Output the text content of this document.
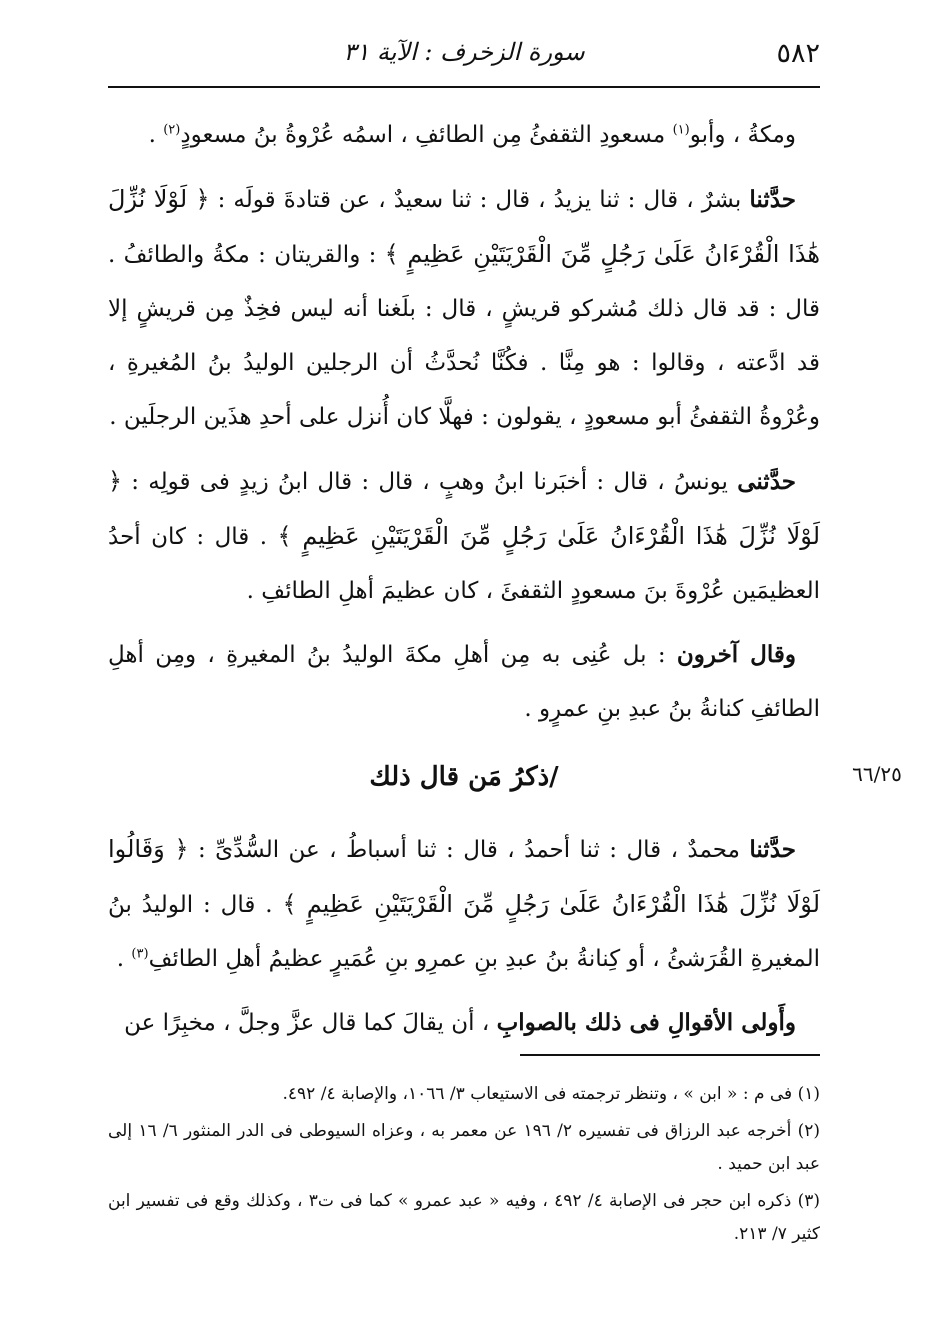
٥٨٢
سورة الزخرف : الآية ٣١

ومكةُ ، وأبو$^{(١)}$ مسعودِ الثقفئُ مِن الطائفِ ، اسمُه عُرْوةُ بنُ مسعودٍ$^{(٢)}$ .

حدَّثنا بشرٌ ، قال : ثنا يزيدُ ، قال : ثنا سعيدٌ ، عن قتادةَ قولَه : ﴿ لَوْلَا نُزِّلَ هَٰذَا الْقُرْءَانُ عَلَىٰ رَجُلٍ مِّنَ الْقَرْيَتَيْنِ عَظِيمٍ ﴾ : والقريتان : مكةُ والطائفُ . قال : قد قال ذلك مُشركو قريشٍ ، قال : بلَغنا أنه ليس فخِذٌ مِن قريشٍ إلا قد ادَّعته ، وقالوا : هو مِنَّا . فكُنَّا نُحدَّثُ أن الرجلين الوليدُ بنُ المُغيرةِ ، وعُرْوةُ الثقفئُ أبو مسعودٍ ، يقولون : فهلَّا كان أُنزل على أحدِ هذَين الرجلَين .

حدَّثنى يونسُ ، قال : أخبَرنا ابنُ وهبٍ ، قال : قال ابنُ زيدٍ فى قولِه : ﴿ لَوْلَا نُزِّلَ هَٰذَا الْقُرْءَانُ عَلَىٰ رَجُلٍ مِّنَ الْقَرْيَتَيْنِ عَظِيمٍ ﴾ . قال : كان أحدُ العظيمَين عُرْوةَ بنَ مسعودٍ الثقفئَ ، كان عظيمَ أهلِ الطائفِ .

وقال آخرون : بل عُنِى به مِن أهلِ مكةَ الوليدُ بنُ المغيرةِ ، ومِن أهلِ الطائفِ كنانةُ بنُ عبدِ بنِ عمرٍو .

/ذكرُ مَن قال ذلك

حدَّثنا محمدٌ ، قال : ثنا أحمدُ ، قال : ثنا أسباطُ ، عن السُّدِّىِّ : ﴿ وَقَالُوا لَوْلَا نُزِّلَ هَٰذَا الْقُرْءَانُ عَلَىٰ رَجُلٍ مِّنَ الْقَرْيَتَيْنِ عَظِيمٍ ﴾ . قال : الوليدُ بنُ المغيرةِ القُرَشئُ ، أو كِنانةُ بنُ عبدِ بنِ عمرِو بنِ عُمَيرٍ عظيمُ أهلِ الطائفِ$^{(٣)}$ .

وأَولى الأقوالِ فى ذلك بالصوابِ ، أن يقالَ كما قال عزَّ وجلَّ ، مخبِرًا عن

٦٦/٢٥

(١) فى م : « ابن » ، وتنظر ترجمته فى الاستيعاب ٣/ ١٠٦٦، والإصابة ٤/ ٤٩٢.

(٢) أخرجه عبد الرزاق فى تفسيره ٢/ ١٩٦ عن معمر به ، وعزاه السيوطى فى الدر المنثور ٦/ ١٦ إلى عبد ابن حميد .

(٣) ذكره ابن حجر فى الإصابة ٤/ ٤٩٢ ، وفيه « عبد عمرو » كما فى ت٣ ، وكذلك وقع فى تفسير ابن كثير ٧/ ٢١٣.
